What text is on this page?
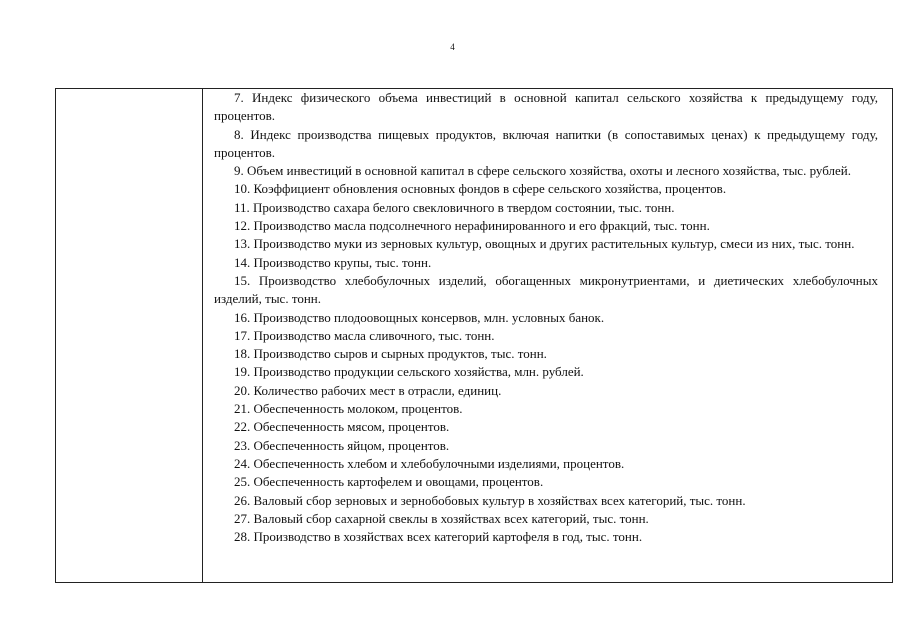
4
7. Индекс физического объема инвестиций в основной капитал сельского хозяйства к предыдущему году, процентов.
8. Индекс производства пищевых продуктов, включая напитки (в сопоставимых ценах) к предыдущему году, процентов.
9. Объем инвестиций в основной капитал в сфере сельского хозяйства, охоты и лесного хозяйства, тыс. рублей.
10. Коэффициент обновления основных фондов в сфере сельского хозяйства, процентов.
11. Производство сахара белого свекловичного в твердом состоянии, тыс. тонн.
12. Производство масла подсолнечного нерафинированного и его фракций, тыс. тонн.
13. Производство муки из зерновых культур, овощных и других растительных культур, смеси из них, тыс. тонн.
14. Производство крупы, тыс. тонн.
15. Производство хлебобулочных изделий, обогащенных микронутриентами, и диетических хлебобулочных изделий, тыс. тонн.
16. Производство плодоовощных консервов, млн. условных банок.
17. Производство масла сливочного, тыс. тонн.
18. Производство сыров и сырных продуктов, тыс. тонн.
19. Производство продукции сельского хозяйства, млн. рублей.
20. Количество рабочих мест в отрасли, единиц.
21. Обеспеченность молоком, процентов.
22. Обеспеченность мясом, процентов.
23. Обеспеченность яйцом, процентов.
24. Обеспеченность хлебом и хлебобулочными изделиями, процентов.
25. Обеспеченность картофелем и овощами, процентов.
26. Валовый сбор зерновых и зернобобовых культур в хозяйствах всех категорий, тыс. тонн.
27. Валовый сбор сахарной свеклы в хозяйствах всех категорий, тыс. тонн.
28. Производство в хозяйствах всех категорий картофеля в год, тыс. тонн.
